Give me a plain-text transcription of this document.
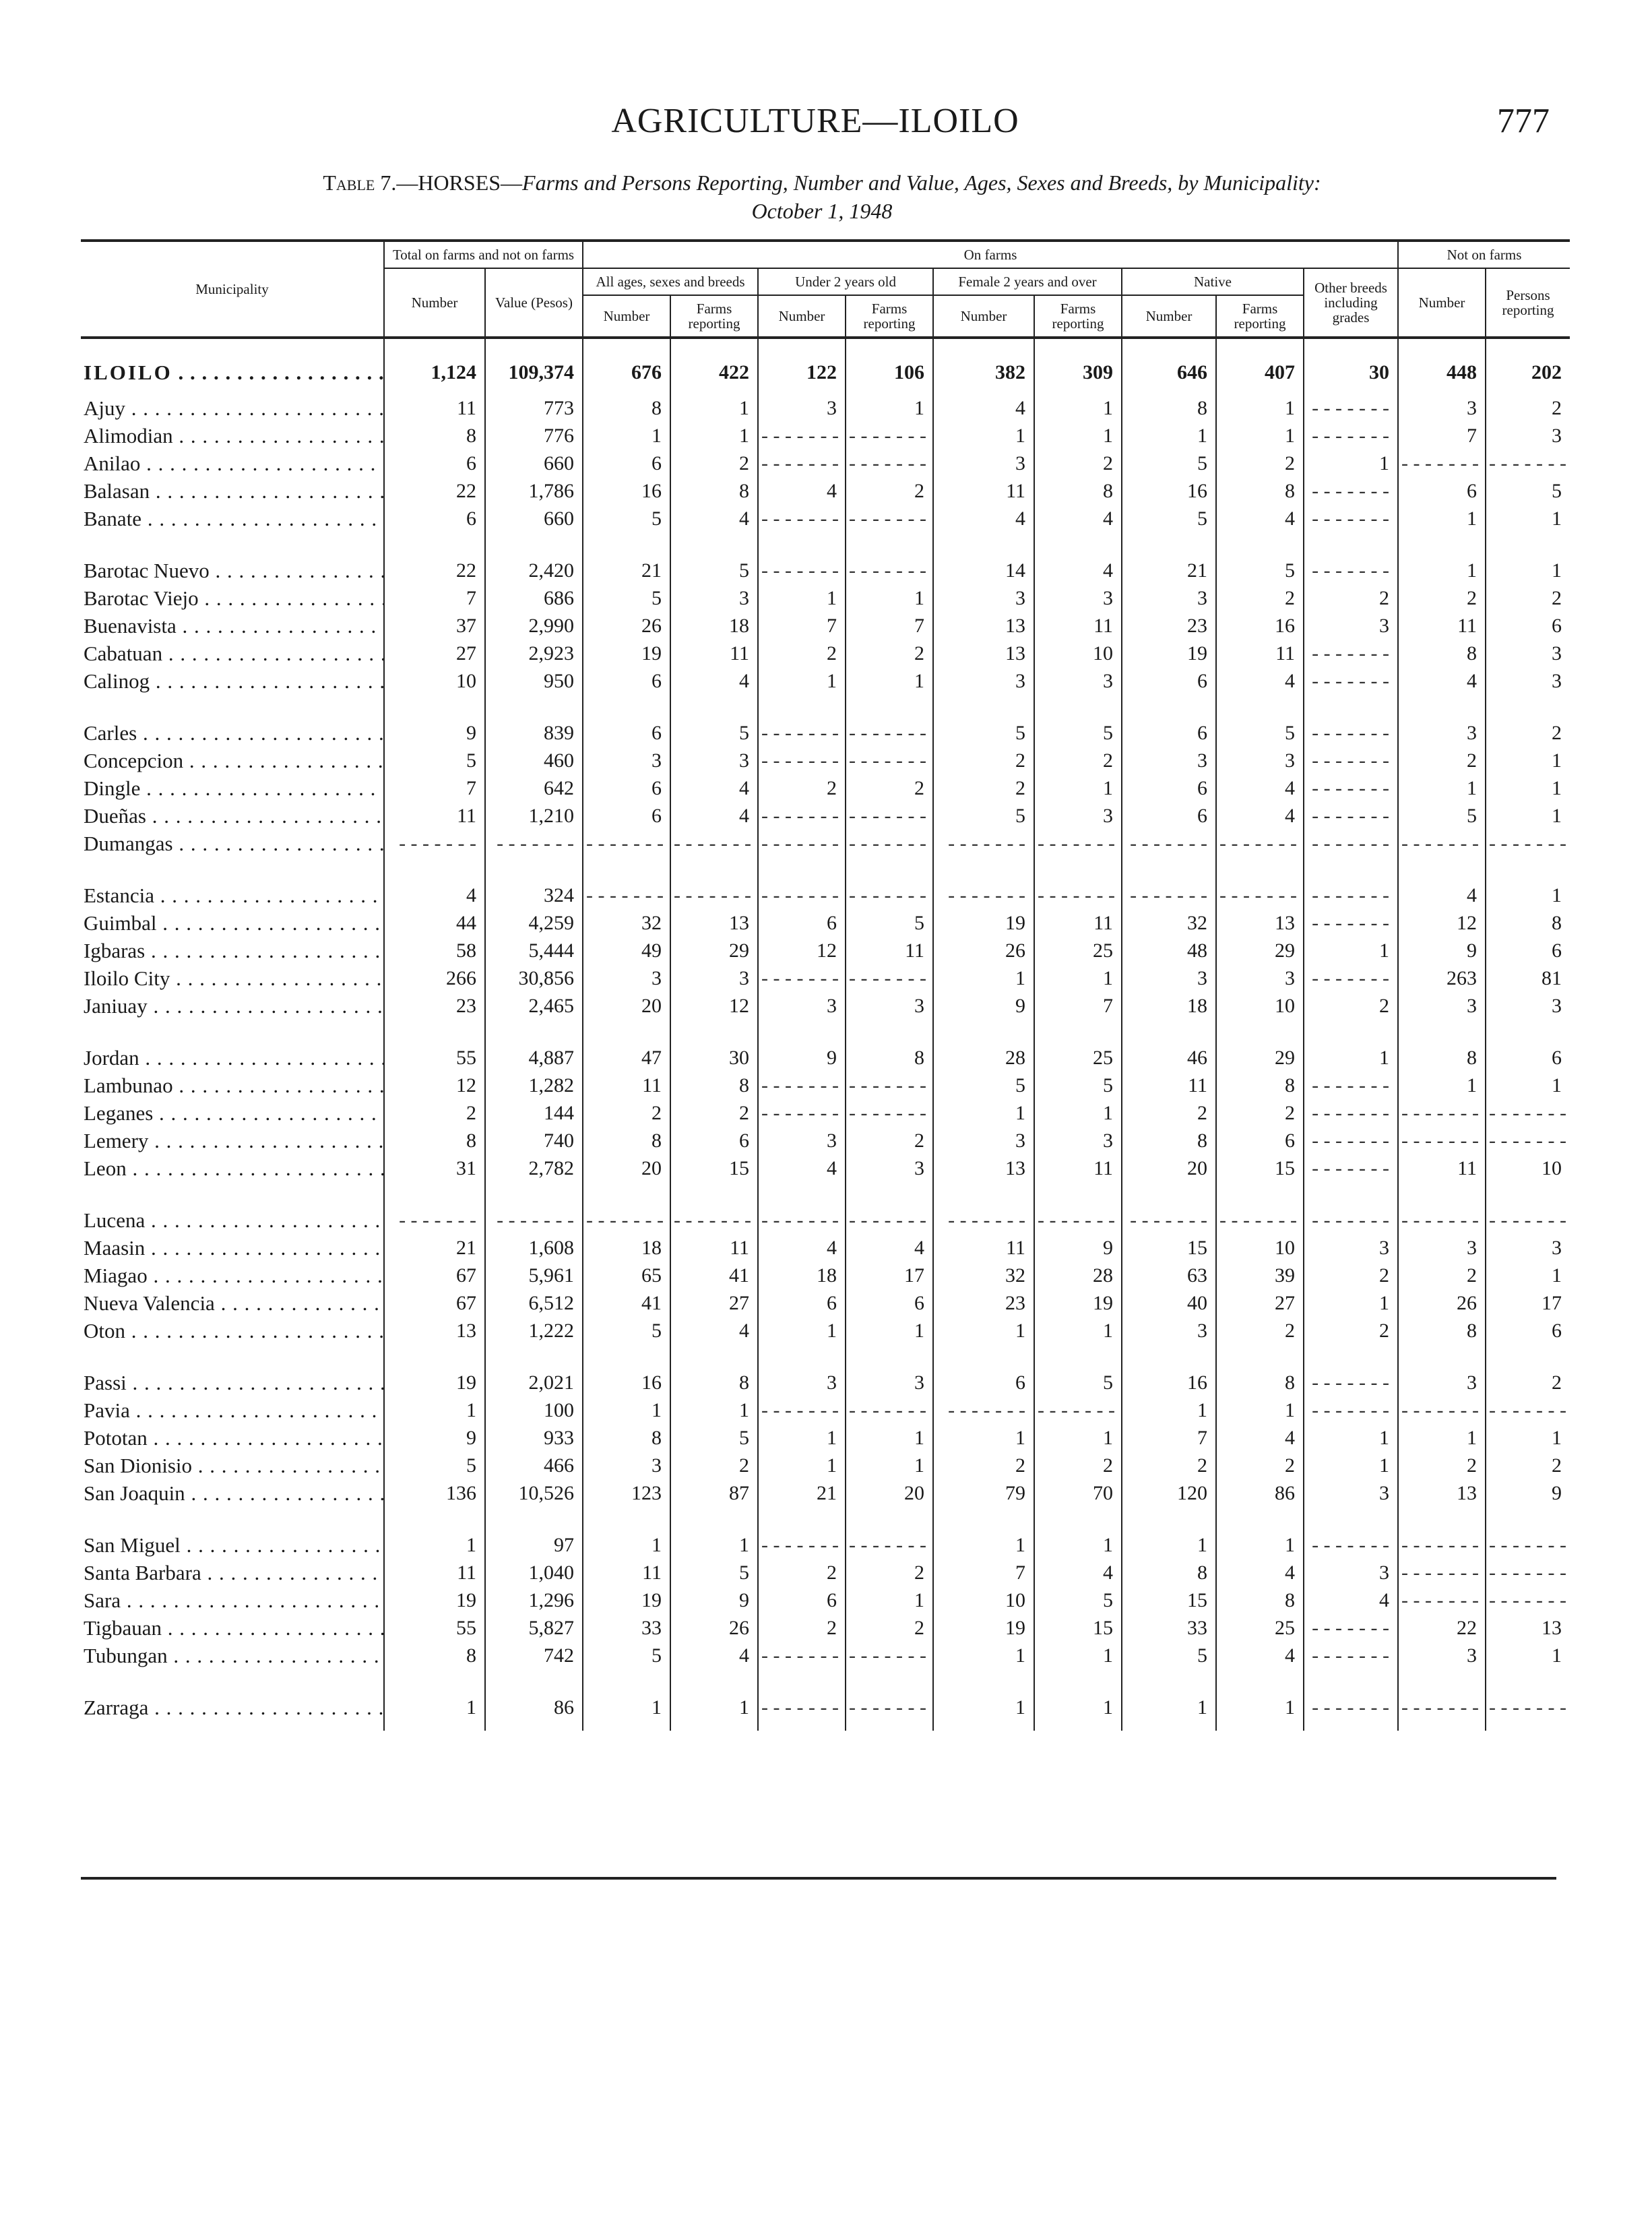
AGRICULTURE—ILOILO	777
Table 7.—HORSES—Farms and Persons Reporting, Number and Value, Ages, Sexes and Breeds, by Municipality:
October 1, 1948
Municipality	Total on farms and not on farms		On farms									Not on farms	
	Number	Value (Pesos)	All ages, sexes and breeds		Under 2 years old		Female 2 years and over		Native		Other breeds including grades	Number	Persons reporting
			Number	Farms reporting	Number	Farms reporting	Number	Farms reporting	Number	Farms reporting			
ILOILO . . .	1,124	109,374	676	422	122	106	382	309	646	407	30	448	202
Ajuy . . .	11	773	8	1	3	1	4	1	8	1	- - -	3	2
Alimodian . . .	8	776	1	1	- - -	- - -	1	1	1	1	- - -	7	3
Anilao . . .	6	660	6	2	- - -	- - -	3	2	5	2	1	- - -	- - -
Balasan . . .	22	1,786	16	8	4	2	11	8	16	8	- - -	6	5
Banate . . .	6	660	5	4	- - -	- - -	4	4	5	4	- - -	1	1
Barotac Nuevo . . .	22	2,420	21	5	- - -	- - -	14	4	21	5	- - -	1	1
Barotac Viejo . . .	7	686	5	3	1	1	3	3	3	2	2	2	2
Buenavista . . .	37	2,990	26	18	7	7	13	11	23	16	3	11	6
Cabatuan . . .	27	2,923	19	11	2	2	13	10	19	11	- - -	8	3
Calinog . . .	10	950	6	4	1	1	3	3	6	4	- - -	4	3
Carles . . .	9	839	6	5	- - -	- - -	5	5	6	5	- - -	3	2
Concepcion . . .	5	460	3	3	- - -	- - -	2	2	3	3	- - -	2	1
Dingle . . .	7	642	6	4	2	2	2	1	6	4	- - -	1	1
Dueñas . . .	11	1,210	6	4	- - -	- - -	5	3	6	4	- - -	5	1
Dumangas . . .	- - -	- - -	- - -	- - -	- - -	- - -	- - -	- - -	- - -	- - -	- - -	- - -	- - -
Estancia . . .	4	324	- - -	- - -	- - -	- - -	- - -	- - -	- - -	- - -	- - -	4	1
Guimbal . . .	44	4,259	32	13	6	5	19	11	32	13	- - -	12	8
Igbaras . . .	58	5,444	49	29	12	11	26	25	48	29	1	9	6
Iloilo City . . .	266	30,856	3	3	- - -	- - -	1	1	3	3	- - -	263	81
Janiuay . . .	23	2,465	20	12	3	3	9	7	18	10	2	3	3
Jordan . . .	55	4,887	47	30	9	8	28	25	46	29	1	8	6
Lambunao . . .	12	1,282	11	8	- - -	- - -	5	5	11	8	- - -	1	1
Leganes . . .	2	144	2	2	- - -	- - -	1	1	2	2	- - -	- - -	- - -
Lemery . . .	8	740	8	6	3	2	3	3	8	6	- - -	- - -	- - -
Leon . . .	31	2,782	20	15	4	3	13	11	20	15	- - -	11	10
Lucena . . .	- - -	- - -	- - -	- - -	- - -	- - -	- - -	- - -	- - -	- - -	- - -	- - -	- - -
Maasin . . .	21	1,608	18	11	4	4	11	9	15	10	3	3	3
Miagao . . .	67	5,961	65	41	18	17	32	28	63	39	2	2	1
Nueva Valencia . . .	67	6,512	41	27	6	6	23	19	40	27	1	26	17
Oton . . .	13	1,222	5	4	1	1	1	1	3	2	2	8	6
Passi . . .	19	2,021	16	8	3	3	6	5	16	8	- - -	3	2
Pavia . . .	1	100	1	1	- - -	- - -	- - -	- - -	1	1	- - -	- - -	- - -
Pototan . . .	9	933	8	5	1	1	1	1	7	4	1	1	1
San Dionisio . . .	5	466	3	2	1	1	2	2	2	2	1	2	2
San Joaquin . . .	136	10,526	123	87	21	20	79	70	120	86	3	13	9
San Miguel . . .	1	97	1	1	- - -	- - -	1	1	1	1	- - -	- - -	- - -
Santa Barbara . . .	11	1,040	11	5	2	2	7	4	8	4	3	- - -	- - -
Sara . . .	19	1,296	19	9	6	1	10	5	15	8	4	- - -	- - -
Tigbauan . . .	55	5,827	33	26	2	2	19	15	33	25	- - -	22	13
Tubungan . . .	8	742	5	4	- - -	- - -	1	1	5	4	- - -	3	1
Zarraga . . .	1	86	1	1	- - -	- - -	1	1	1	1	- - -	- - -	- - -
